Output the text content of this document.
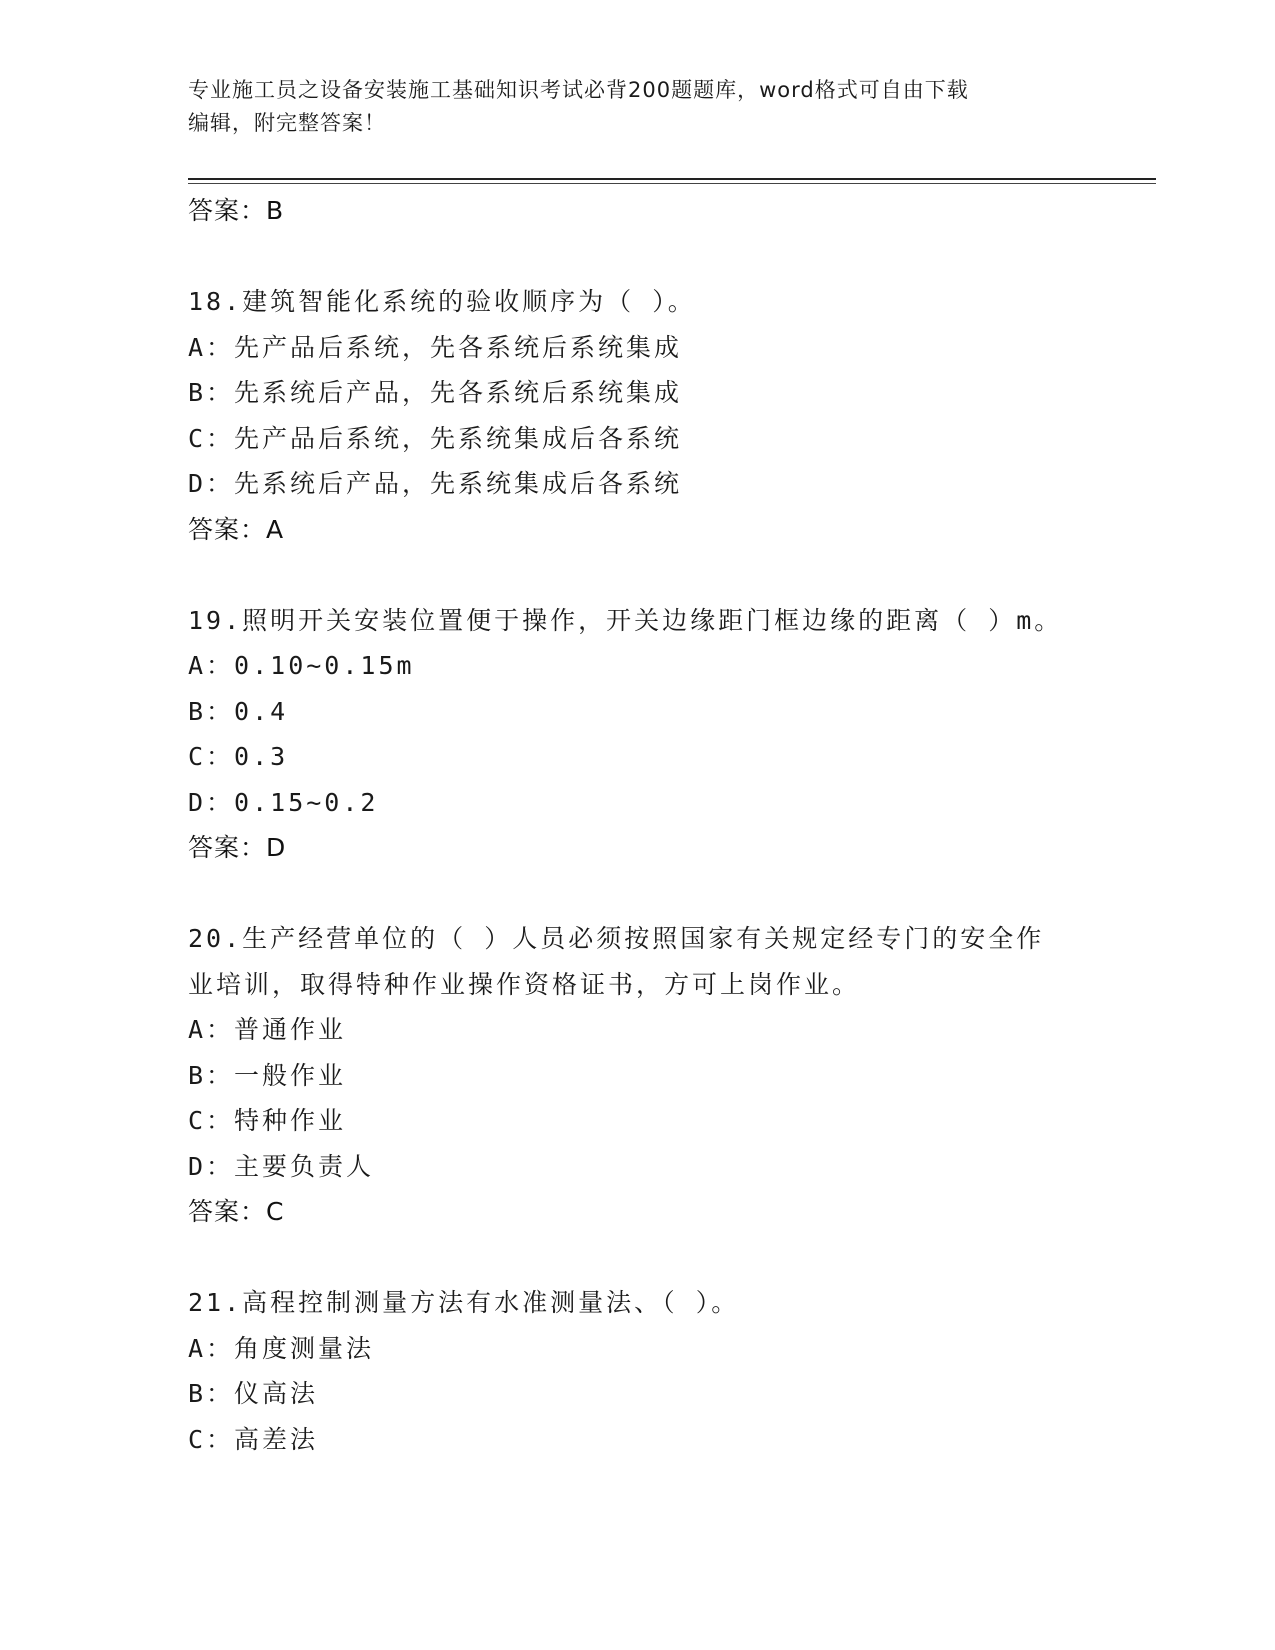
专业施工员之设备安装施工基础知识考试必背200题题库，word格式可自由下载
编辑，附完整答案！
答案：B
18.建筑智能化系统的验收顺序为（ ）。
A：先产品后系统，先各系统后系统集成
B：先系统后产品，先各系统后系统集成
C：先产品后系统，先系统集成后各系统
D：先系统后产品，先系统集成后各系统
答案：A
19.照明开关安装位置便于操作，开关边缘距门框边缘的距离（ ）m。
A：0.10~0.15m
B：0.4
C：0.3
D：0.15~0.2
答案：D
20.生产经营单位的（ ）人员必须按照国家有关规定经专门的安全作
业培训，取得特种作业操作资格证书，方可上岗作业。
A：普通作业
B：一般作业
C：特种作业
D：主要负责人
答案：C
21.高程控制测量方法有水准测量法、（ ）。
A：角度测量法
B：仪高法
C：高差法
